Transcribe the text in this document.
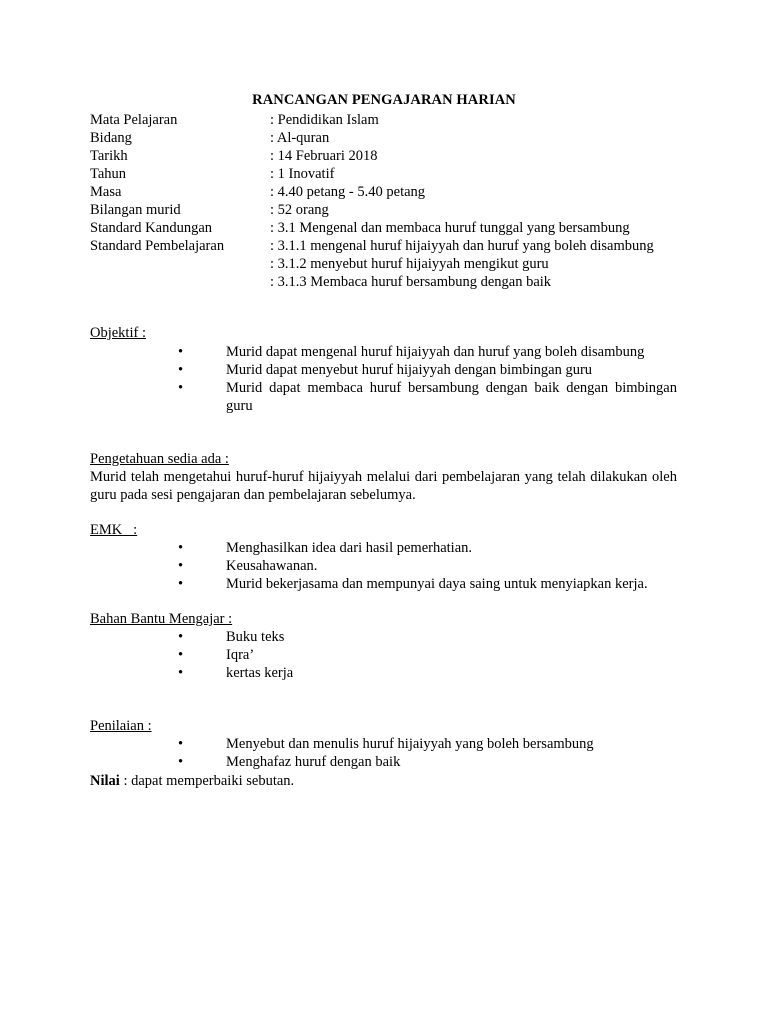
RANCANGAN PENGAJARAN HARIAN
Mata Pelajaran	: Pendidikan Islam
Bidang	: Al-quran
Tarikh	: 14 Februari 2018
Tahun	: 1 Inovatif
Masa	: 4.40 petang - 5.40 petang
Bilangan murid	: 52 orang
Standard Kandungan	: 3.1 Mengenal dan membaca huruf tunggal yang bersambung
Standard Pembelajaran	: 3.1.1 mengenal huruf hijaiyyah dan huruf yang boleh disambung
: 3.1.2 menyebut huruf hijaiyyah mengikut guru
: 3.1.3 Membaca huruf bersambung dengan baik
Objektif :
•	Murid dapat mengenal huruf hijaiyyah dan huruf yang boleh disambung
•	Murid dapat menyebut huruf hijaiyyah dengan bimbingan guru
•	Murid dapat membaca huruf bersambung dengan baik dengan bimbingan guru
Pengetahuan sedia ada :
Murid telah mengetahui huruf-huruf hijaiyyah melalui dari pembelajaran yang telah dilakukan oleh guru pada sesi pengajaran dan pembelajaran sebelumya.
EMK   :
•	Menghasilkan idea dari hasil pemerhatian.
•	Keusahawanan.
•	Murid bekerjasama dan mempunyai daya saing untuk menyiapkan kerja.
Bahan Bantu Mengajar :
•	Buku teks
•	Iqra’
•	kertas kerja
Penilaian :
•	Menyebut dan menulis huruf hijaiyyah yang boleh bersambung
•	Menghafaz huruf dengan baik
Nilai : dapat memperbaiki sebutan.
